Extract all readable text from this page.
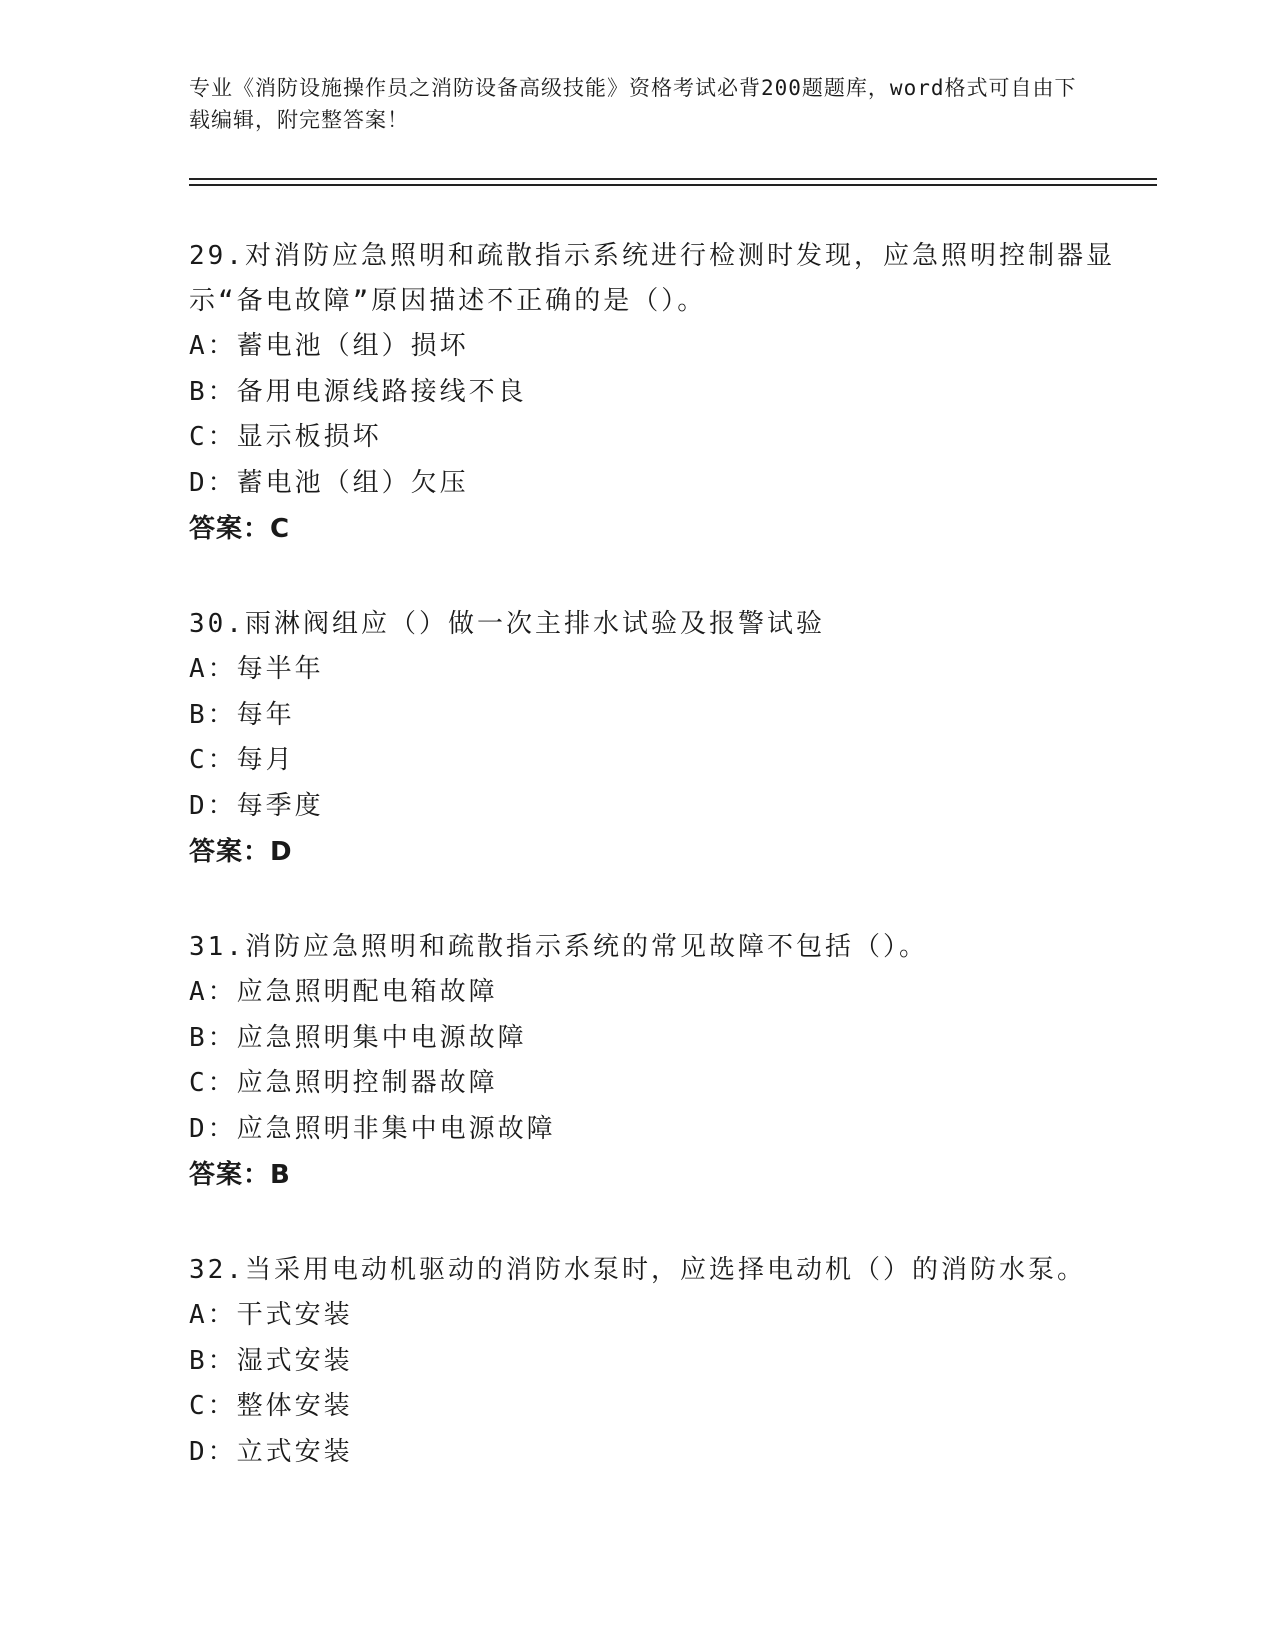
专业《消防设施操作员之消防设备高级技能》资格考试必背200题题库，word格式可自由下载编辑，附完整答案！
29.对消防应急照明和疏散指示系统进行检测时发现，应急照明控制器显示“备电故障”原因描述不正确的是（）。
A：蓄电池（组）损坏
B：备用电源线路接线不良
C：显示板损坏
D：蓄电池（组）欠压
答案：C
30.雨淋阀组应（）做一次主排水试验及报警试验
A：每半年
B：每年
C：每月
D：每季度
答案：D
31.消防应急照明和疏散指示系统的常见故障不包括（）。
A：应急照明配电箱故障
B：应急照明集中电源故障
C：应急照明控制器故障
D：应急照明非集中电源故障
答案：B
32.当采用电动机驱动的消防水泵时，应选择电动机（）的消防水泵。
A：干式安装
B：湿式安装
C：整体安装
D：立式安装
